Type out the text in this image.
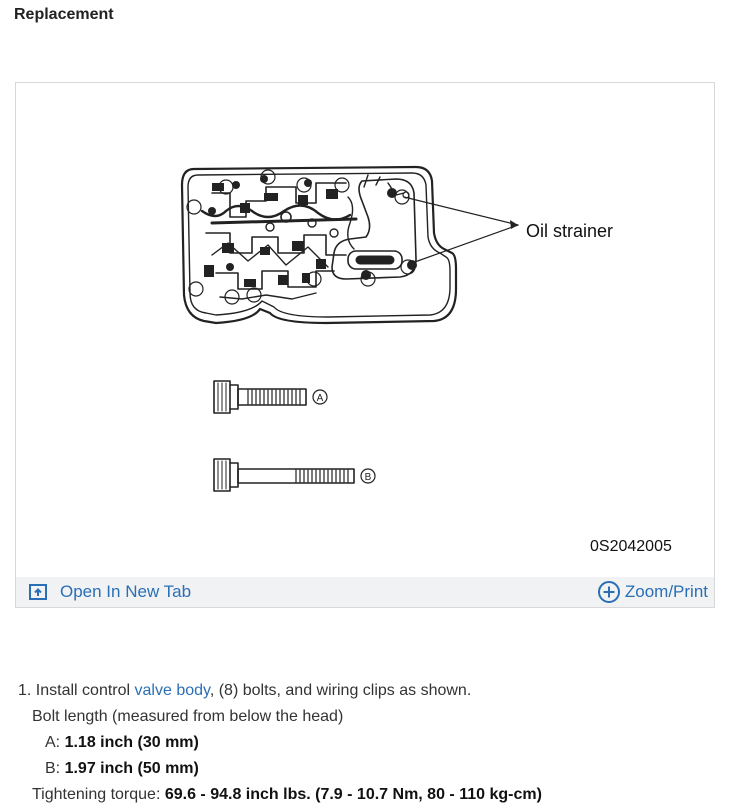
Replacement
Oil strainer
A
B
0S2042005
Open In New Tab	Zoom/Print
1. Install control valve body, (8) bolts, and wiring clips as shown.
Bolt length (measured from below the head)
A: 1.18 inch (30 mm)
B: 1.97 inch (50 mm)
Tightening torque: 69.6 - 94.8 inch lbs. (7.9 - 10.7 Nm, 80 - 110 kg-cm)
